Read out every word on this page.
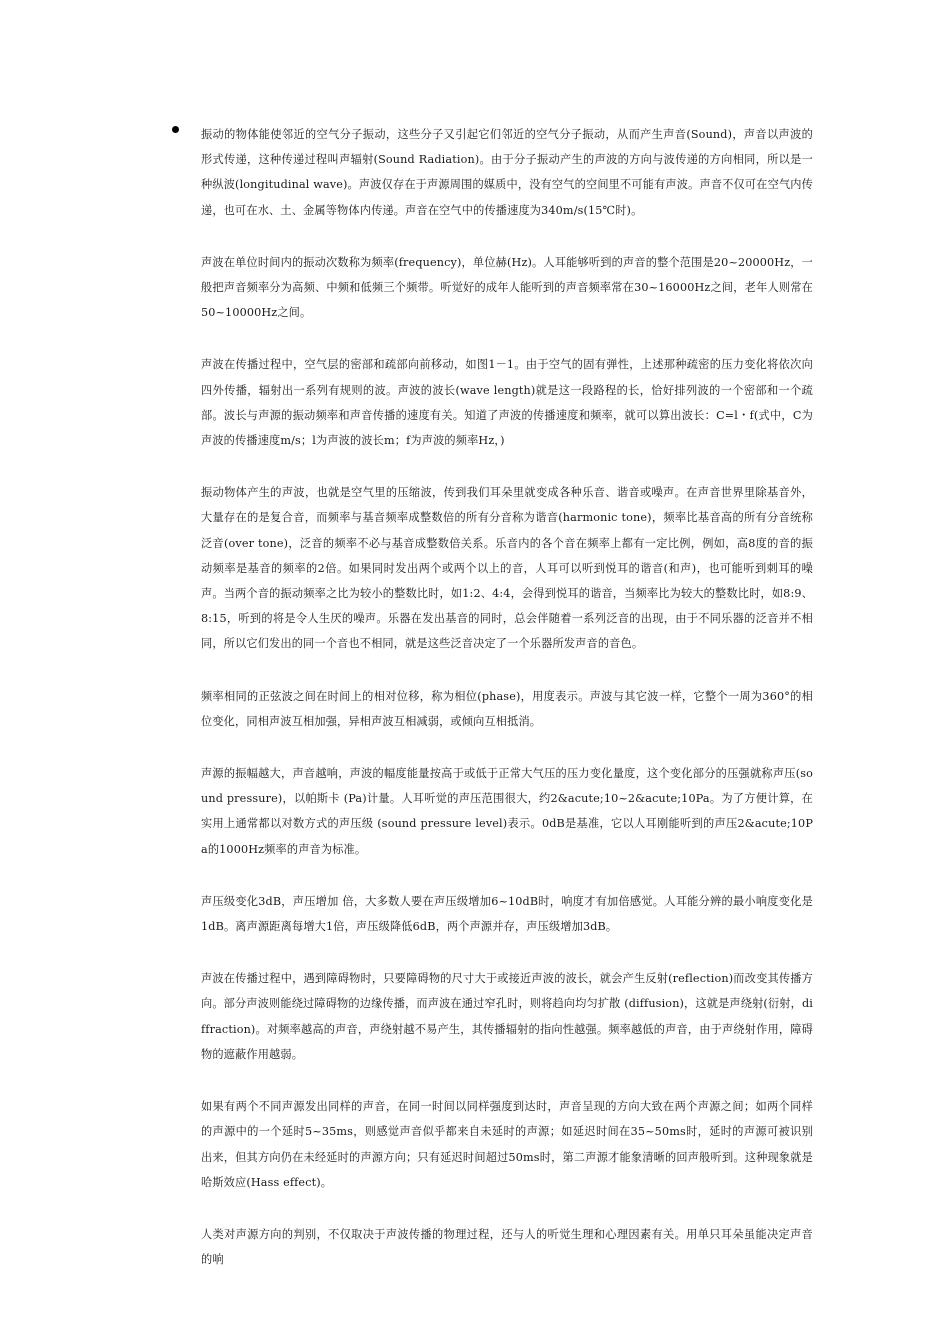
振动的物体能使邻近的空气分子振动，这些分子又引起它们邻近的空气分子振动，从而产生声音(Sound)，声音以声波的形式传递，这种传递过程叫声辐射(Sound Radiation)。由于分子振动产生的声波的方向与波传递的方向相同，所以是一种纵波(longitudinal wave)。声波仅存在于声源周围的媒质中，没有空气的空间里不可能有声波。声音不仅可在空气内传递，也可在水、土、金属等物体内传递。声音在空气中的传播速度为340m/s(15℃时)。

声波在单位时间内的振动次数称为频率(frequency)，单位赫(Hz)。人耳能够听到的声音的整个范围是20~20000Hz，一般把声音频率分为高频、中频和低频三个频带。听觉好的成年人能听到的声音频率常在30~16000Hz之间，老年人则常在50~10000Hz之间。

声波在传播过程中，空气层的密部和疏部向前移动，如图1－1。由于空气的固有弹性，上述那种疏密的压力变化将依次向四外传播，辐射出一系列有规则的波。声波的波长(wave length)就是这一段路程的长，恰好排列波的一个密部和一个疏部。波长与声源的振动频率和声音传播的速度有关。知道了声波的传播速度和频率，就可以算出波长：C=l・f(式中，C为声波的传播速度m/s；l为声波的波长m；f为声波的频率Hz，)

振动物体产生的声波，也就是空气里的压缩波，传到我们耳朵里就变成各种乐音、谐音或噪声。在声音世界里除基音外，大量存在的是复合音，而频率与基音频率成整数倍的所有分音称为谐音(harmonic tone)，频率比基音高的所有分音统称泛音(over tone)，泛音的频率不必与基音成整数倍关系。乐音内的各个音在频率上都有一定比例，例如，高8度的音的振动频率是基音的频率的2倍。如果同时发出两个或两个以上的音，人耳可以听到悦耳的谐音(和声)，也可能听到刺耳的噪声。当两个音的振动频率之比为较小的整数比时，如1:2、4:4，会得到悦耳的谐音，当频率比为较大的整数比时，如8:9、8:15，听到的将是令人生厌的噪声。乐器在发出基音的同时，总会伴随着一系列泛音的出现，由于不同乐器的泛音并不相同，所以它们发出的同一个音也不相同，就是这些泛音决定了一个乐器所发声音的音色。

频率相同的正弦波之间在时间上的相对位移，称为相位(phase)，用度表示。声波与其它波一样，它整个一周为360°的相位变化，同相声波互相加强，异相声波互相减弱，或倾向互相抵消。

声源的振幅越大，声音越响，声波的幅度能量按高于或低于正常大气压的压力变化量度，这个变化部分的压强就称声压(sound pressure)，以帕斯卡 (Pa)计量。人耳听觉的声压范围很大，约2&acute;10~2&acute;10Pa。为了方便计算，在实用上通常都以对数方式的声压级 (sound pressure level)表示。0dB是基准，它以人耳刚能听到的声压2&acute;10Pa的1000Hz频率的声音为标准。

声压级变化3dB，声压增加 倍，大多数人要在声压级增加6~10dB时，响度才有加倍感觉。人耳能分辨的最小响度变化是1dB。离声源距离每增大1倍，声压级降低6dB，两个声源并存，声压级增加3dB。

声波在传播过程中，遇到障碍物时，只要障碍物的尺寸大于或接近声波的波长，就会产生反射(reflection)而改变其传播方向。部分声波则能绕过障碍物的边缘传播，而声波在通过窄孔时，则将趋向均匀扩散 (diffusion)，这就是声绕射(衍射，diffraction)。对频率越高的声音，声绕射越不易产生，其传播辐射的指向性越强。频率越低的声音，由于声绕射作用，障碍物的遮蔽作用越弱。

如果有两个不同声源发出同样的声音，在同一时间以同样强度到达时，声音呈现的方向大致在两个声源之间；如两个同样的声源中的一个延时5~35ms，则感觉声音似乎都来自未延时的声源；如延迟时间在35~50ms时，延时的声源可被识别出来，但其方向仍在未经延时的声源方向；只有延迟时间超过50ms时，第二声源才能象清晰的回声般听到。这种现象就是哈斯效应(Hass effect)。

人类对声源方向的判别，不仅取决于声波传播的物理过程，还与人的听觉生理和心理因素有关。用单只耳朵虽能决定声音的响
